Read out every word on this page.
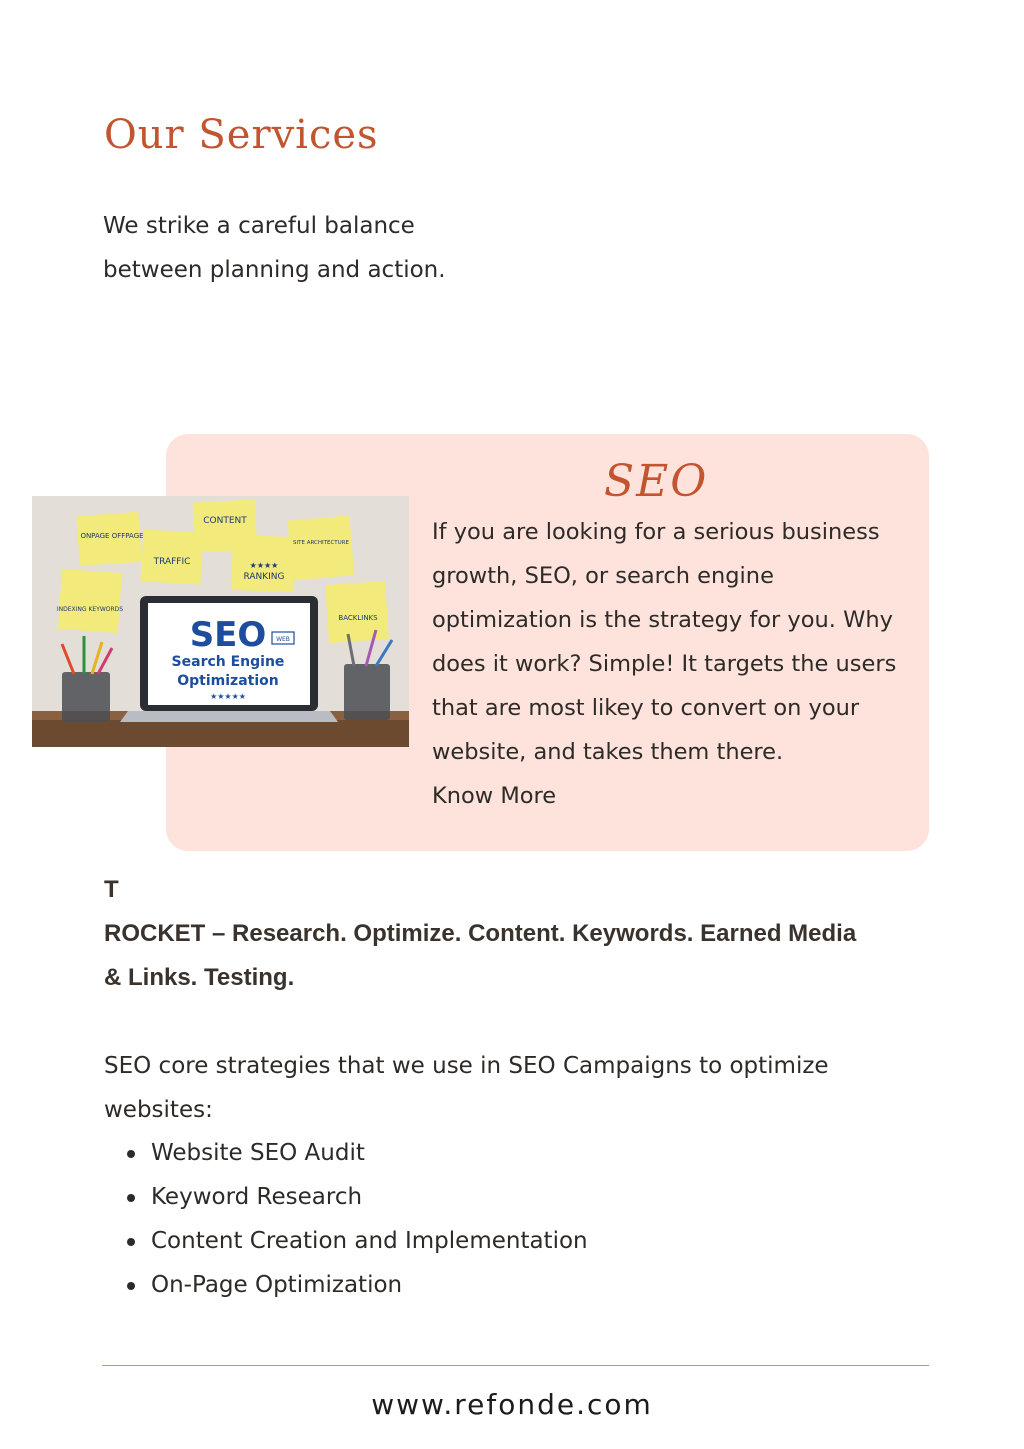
Our Services
We strike a careful balance
between planning and action.
CONTENT
ONPAGE OFFPAGE
TRAFFIC	★★★★
RANKING
SITE ARCHITECTURE
INDEXING KEYWORDS
BACKLINKS
SEO WEB
Search Engine
Optimization
★★★★★
SEO
If you are looking for a serious business
growth, SEO, or search engine
optimization is the strategy for you. Why
does it work? Simple! It targets the users
that are most likey to convert on your
website, and takes them there.
Know More
T
ROCKET – Research. Optimize. Content. Keywords. Earned Media
& Links. Testing.
SEO core strategies that we use in SEO Campaigns to optimize
websites:
Website SEO Audit
Keyword Research
Content Creation and Implementation
On-Page Optimization
www.refonde.com
